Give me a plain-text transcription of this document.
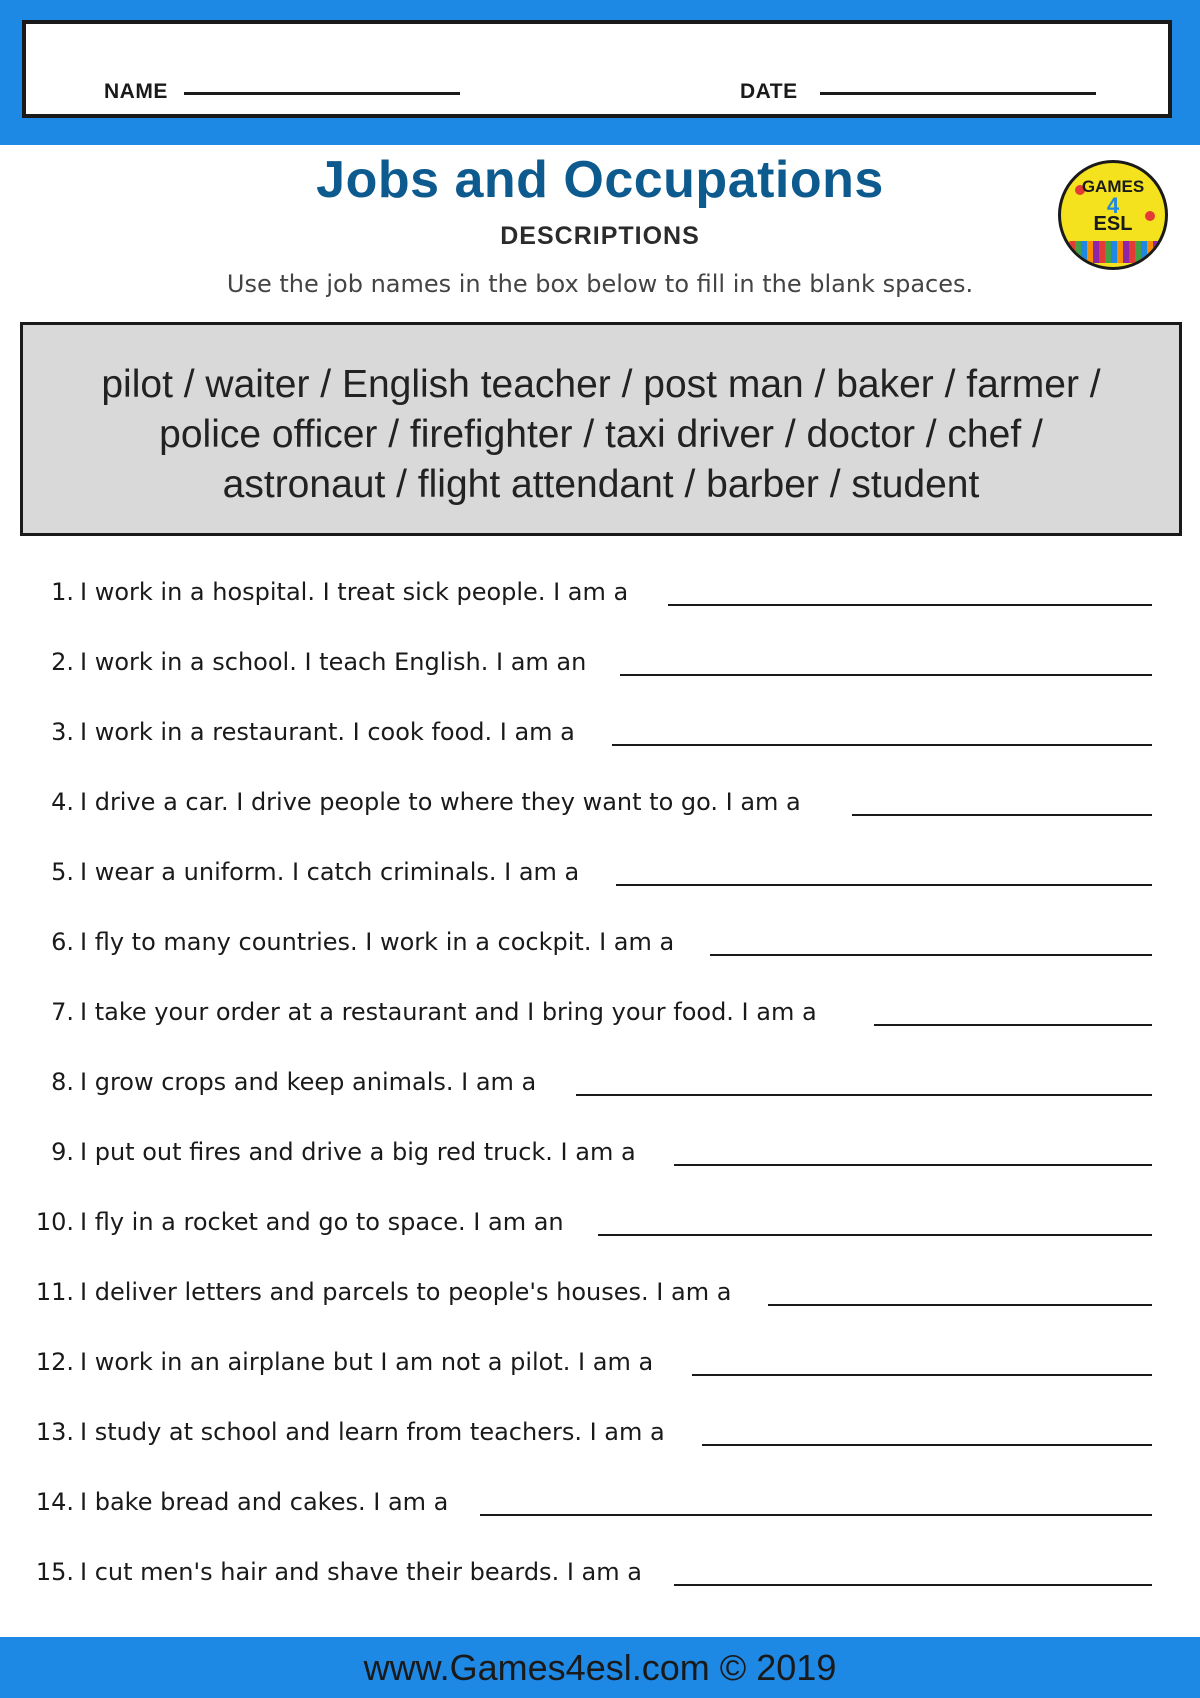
NAME	DATE
Jobs and Occupations
DESCRIPTIONS
Use the job names in the box below to fill in the blank spaces.
GAMES
4
ESL
pilot / waiter / English teacher / post man / baker / farmer /
police officer / firefighter / taxi driver / doctor / chef /
astronaut / flight attendant / barber / student
1. I work in a hospital. I treat sick people. I am a
2. I work in a school. I teach English. I am an
3. I work in a restaurant. I cook food. I am a
4. I drive a car. I drive people to where they want to go. I am a
5. I wear a uniform. I catch criminals. I am a
6. I fly to many countries. I work in a cockpit. I am a
7. I take your order at a restaurant and I bring your food. I am a
8. I grow crops and keep animals. I am a
9. I put out fires and drive a big red truck. I am a
10. I fly in a rocket and go to space. I am an
11. I deliver letters and parcels to people's houses. I am a
12. I work in an airplane but I am not a pilot. I am a
13. I study at school and learn from teachers. I am a
14. I bake bread and cakes. I am a
15. I cut men's hair and shave their beards. I am a
www.Games4esl.com © 2019
